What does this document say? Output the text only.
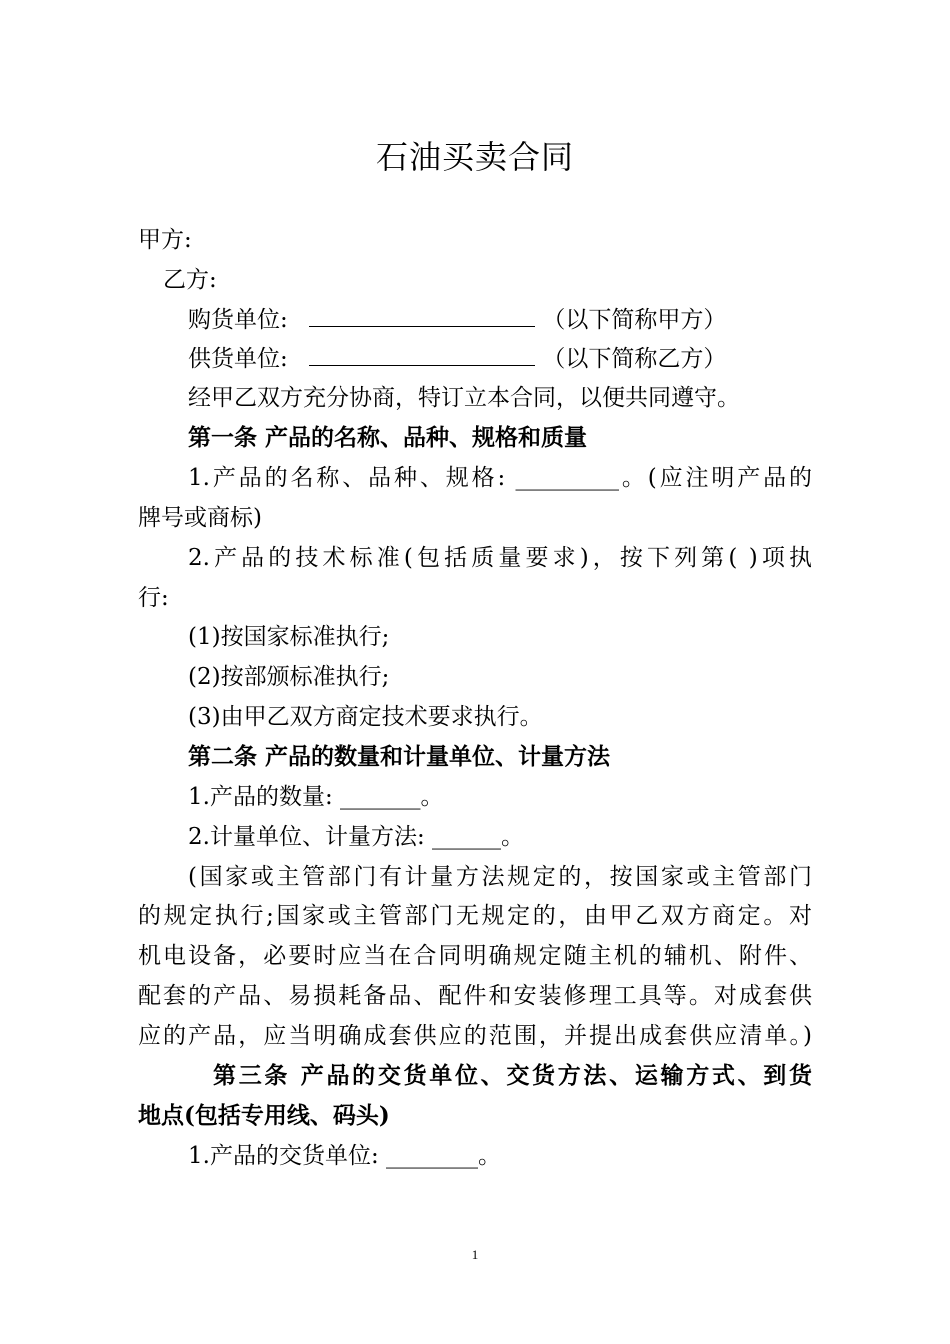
石油买卖合同
甲方:
乙方:
购货单位:	（以下简称甲方）
供货单位:	（以下简称乙方）
经甲乙双方充分协商，特订立本合同，以便共同遵守。
第一条 产品的名称、品种、规格和质量
1.产品的名称、品种、规格: _________。(应注明产品的
牌号或商标)
2.产品的技术标准(包括质量要求)，按下列第( )项执
行:
(1)按国家标准执行;
(2)按部颁标准执行;
(3)由甲乙双方商定技术要求执行。
第二条 产品的数量和计量单位、计量方法
1.产品的数量: _______。
2.计量单位、计量方法: ______。
(国家或主管部门有计量方法规定的，按国家或主管部门
的规定执行;国家或主管部门无规定的，由甲乙双方商定。对
机电设备，必要时应当在合同明确规定随主机的辅机、附件、
配套的产品、易损耗备品、配件和安装修理工具等。对成套供
应的产品，应当明确成套供应的范围，并提出成套供应清单。)
第三条 产品的交货单位、交货方法、运输方式、到货
地点(包括专用线、码头)
1.产品的交货单位: ________。
1
